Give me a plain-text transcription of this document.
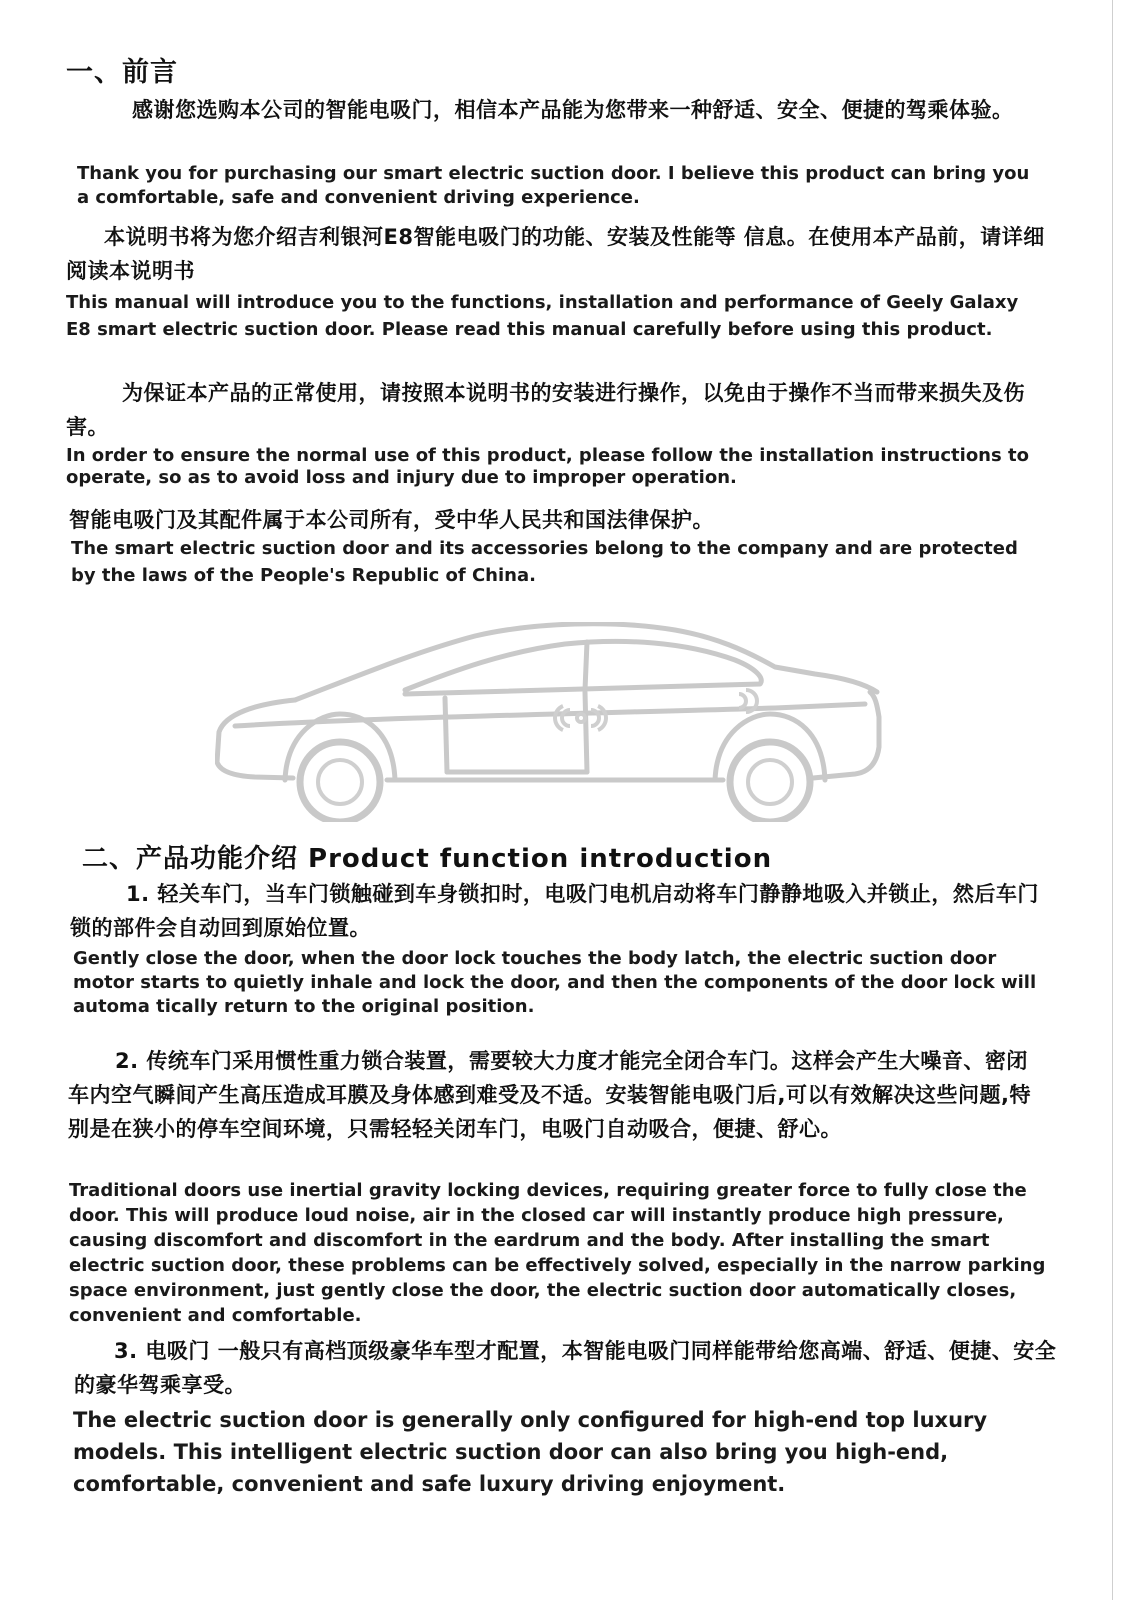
一、前言
感谢您选购本公司的智能电吸门，相信本产品能为您带来一种舒适、安全、便捷的驾乘体验。
Thank you for purchasing our smart electric suction door. I believe this product can bring you a comfortable, safe and convenient driving experience.
本说明书将为您介绍吉利银河E8智能电吸门的功能、安装及性能等 信息。在使用本产品前，请详细阅读本说明书
This manual will introduce you to the functions, installation and performance of Geely Galaxy E8 smart electric suction door. Please read this manual carefully before using this product.
为保证本产品的正常使用，请按照本说明书的安装进行操作，以免由于操作不当而带来损失及伤害。
In order to ensure the normal use of this product, please follow the installation instructions to operate, so as to avoid loss and injury due to improper operation.
智能电吸门及其配件属于本公司所有，受中华人民共和国法律保护。
The smart electric suction door and its accessories belong to the company and are protected by the laws of the People's Republic of China.
二、产品功能介绍 Product function introduction
1. 轻关车门，当车门锁触碰到车身锁扣时，电吸门电机启动将车门静静地吸入并锁止，然后车门锁的部件会自动回到原始位置。
Gently close the door, when the door lock touches the body latch, the electric suction door motor starts to quietly inhale and lock the door, and then the components of the door lock will automa tically return to the original position.
2. 传统车门采用惯性重力锁合装置，需要较大力度才能完全闭合车门。这样会产生大噪音、密闭车内空气瞬间产生高压造成耳膜及身体感到难受及不适。安装智能电吸门后,可以有效解决这些问题,特别是在狭小的停车空间环境，只需轻轻关闭车门，电吸门自动吸合，便捷、舒心。
Traditional doors use inertial gravity locking devices, requiring greater force to fully close the door. This will produce loud noise, air in the closed car will instantly produce high pressure, causing discomfort and discomfort in the eardrum and the body. After installing the smart electric suction door, these problems can be effectively solved, especially in the narrow parking space environment, just gently close the door, the electric suction door automatically closes, convenient and comfortable.
3. 电吸门 一般只有高档顶级豪华车型才配置，本智能电吸门同样能带给您高端、舒适、便捷、安全的豪华驾乘享受。
The electric suction door is generally only configured for high-end top luxury models. This intelligent electric suction door can also bring you high-end, comfortable, convenient and safe luxury driving enjoyment.
